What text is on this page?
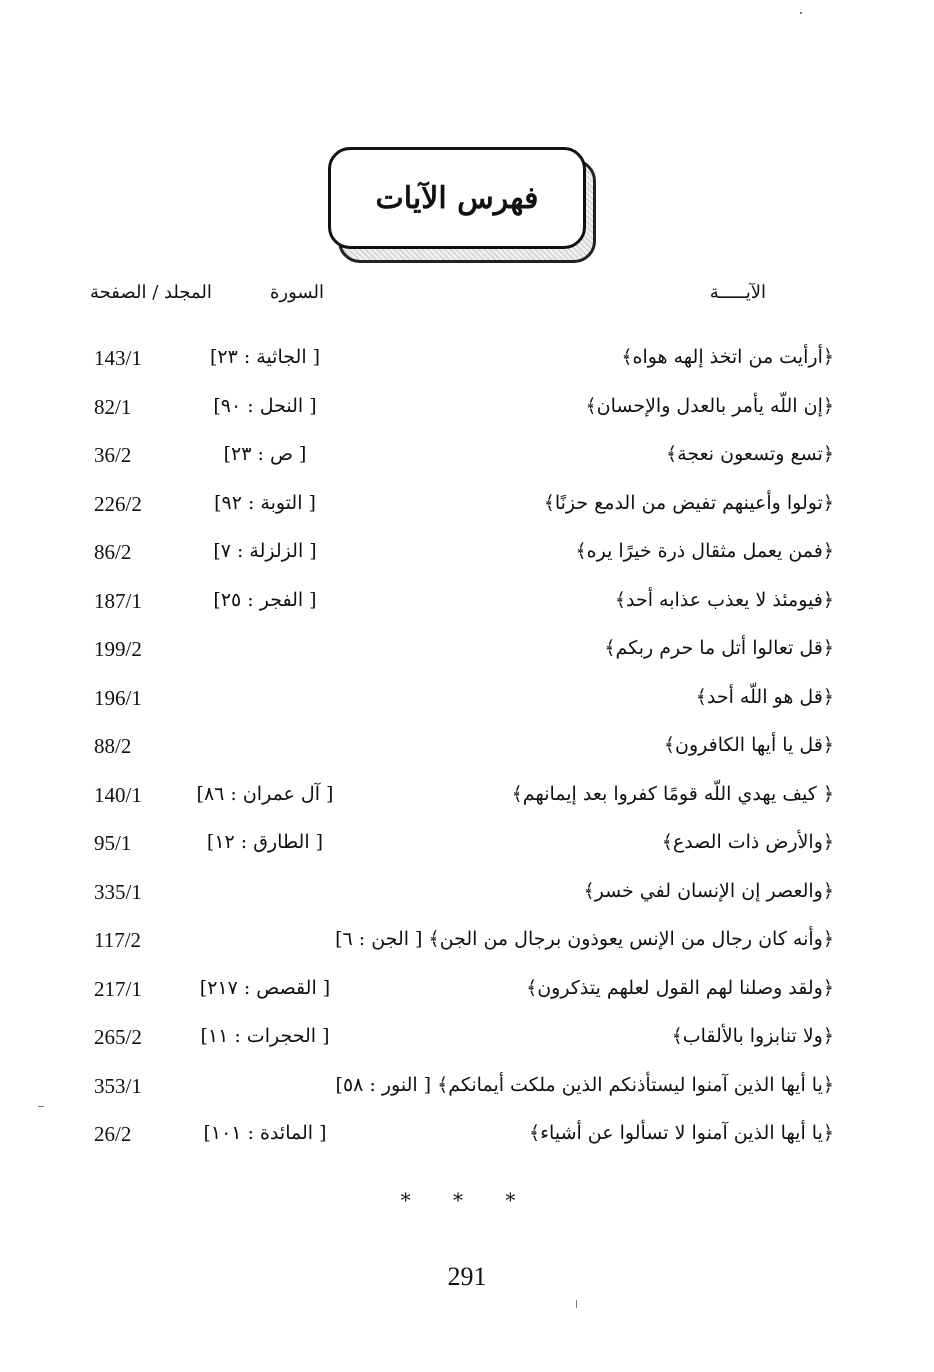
فهرس الآيات
الآيـــــة
السورة
المجلد / الصفحة
﴿أرأيت من اتخذ إلهه هواه﴾
[ الجاثية : ٢٣]
143/1
﴿إن اللّه يأمر بالعدل والإحسان﴾
[ النحل : ٩٠]
82/1
﴿تسع وتسعون نعجة﴾
[ ص : ٢٣]
36/2
﴿تولوا وأعينهم تفيض من الدمع حزنًا﴾
[ التوبة : ٩٢]
226/2
﴿فمن يعمل مثقال ذرة خيرًا يره﴾
[ الزلزلة : ٧]
86/2
﴿فيومئذ لا يعذب عذابه أحد﴾
[ الفجر : ٢٥]
187/1
﴿قل تعالوا أتل ما حرم ربكم﴾
199/2
﴿قل هو اللّه أحد﴾
196/1
﴿قل يا أيها الكافرون﴾
88/2
﴿ كيف يهدي اللّه قومًا كفروا بعد إيمانهم﴾
[ آل عمران : ٨٦]
140/1
﴿والأرض ذات الصدع﴾
[ الطارق : ١٢]
95/1
﴿والعصر إن الإنسان لفي خسر﴾
335/1
﴿وأنه كان رجال من الإنس يعوذون برجال من الجن﴾ [ الجن : ٦]
117/2
﴿ولقد وصلنا لهم القول لعلهم يتذكرون﴾
[ القصص : ٢١٧]
217/1
﴿ولا تنابزوا بالألقاب﴾
[ الحجرات : ١١]
265/2
﴿يا أيها الذين آمنوا ليستأذنكم الذين ملكت أيمانكم﴾ [ النور : ٥٨]
353/1
﴿يا أيها الذين آمنوا لا تسألوا عن أشياء﴾
[ المائدة : ١٠١]
26/2
* * *
291
